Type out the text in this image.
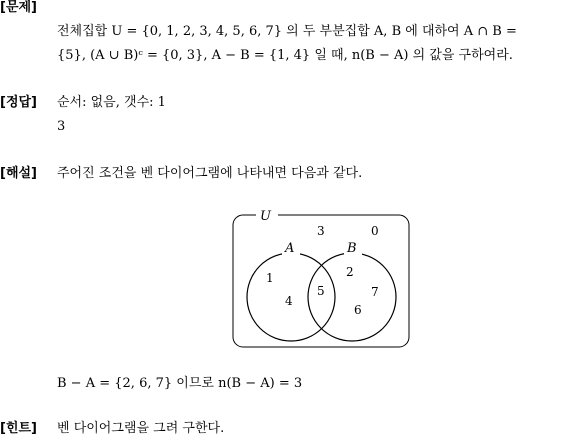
[문제]
전체집합 U = {0, 1, 2, 3, 4, 5, 6, 7} 의 두 부분집합 A, B 에 대하여 A ∩ B =
{5}, (A ∪ B)ᶜ = {0, 3}, A − B = {1, 4} 일 때, n(B − A) 의 값을 구하여라.
[정답] 순서: 없음, 갯수: 1
3
[해설] 주어진 조건을 벤 다이어그램에 나타내면 다음과 같다.
U
A	B
3	0
1
4
5
2
7
6
B − A = {2, 6, 7} 이므로 n(B − A) = 3
[힌트] 벤 다이어그램을 그려 구한다.
